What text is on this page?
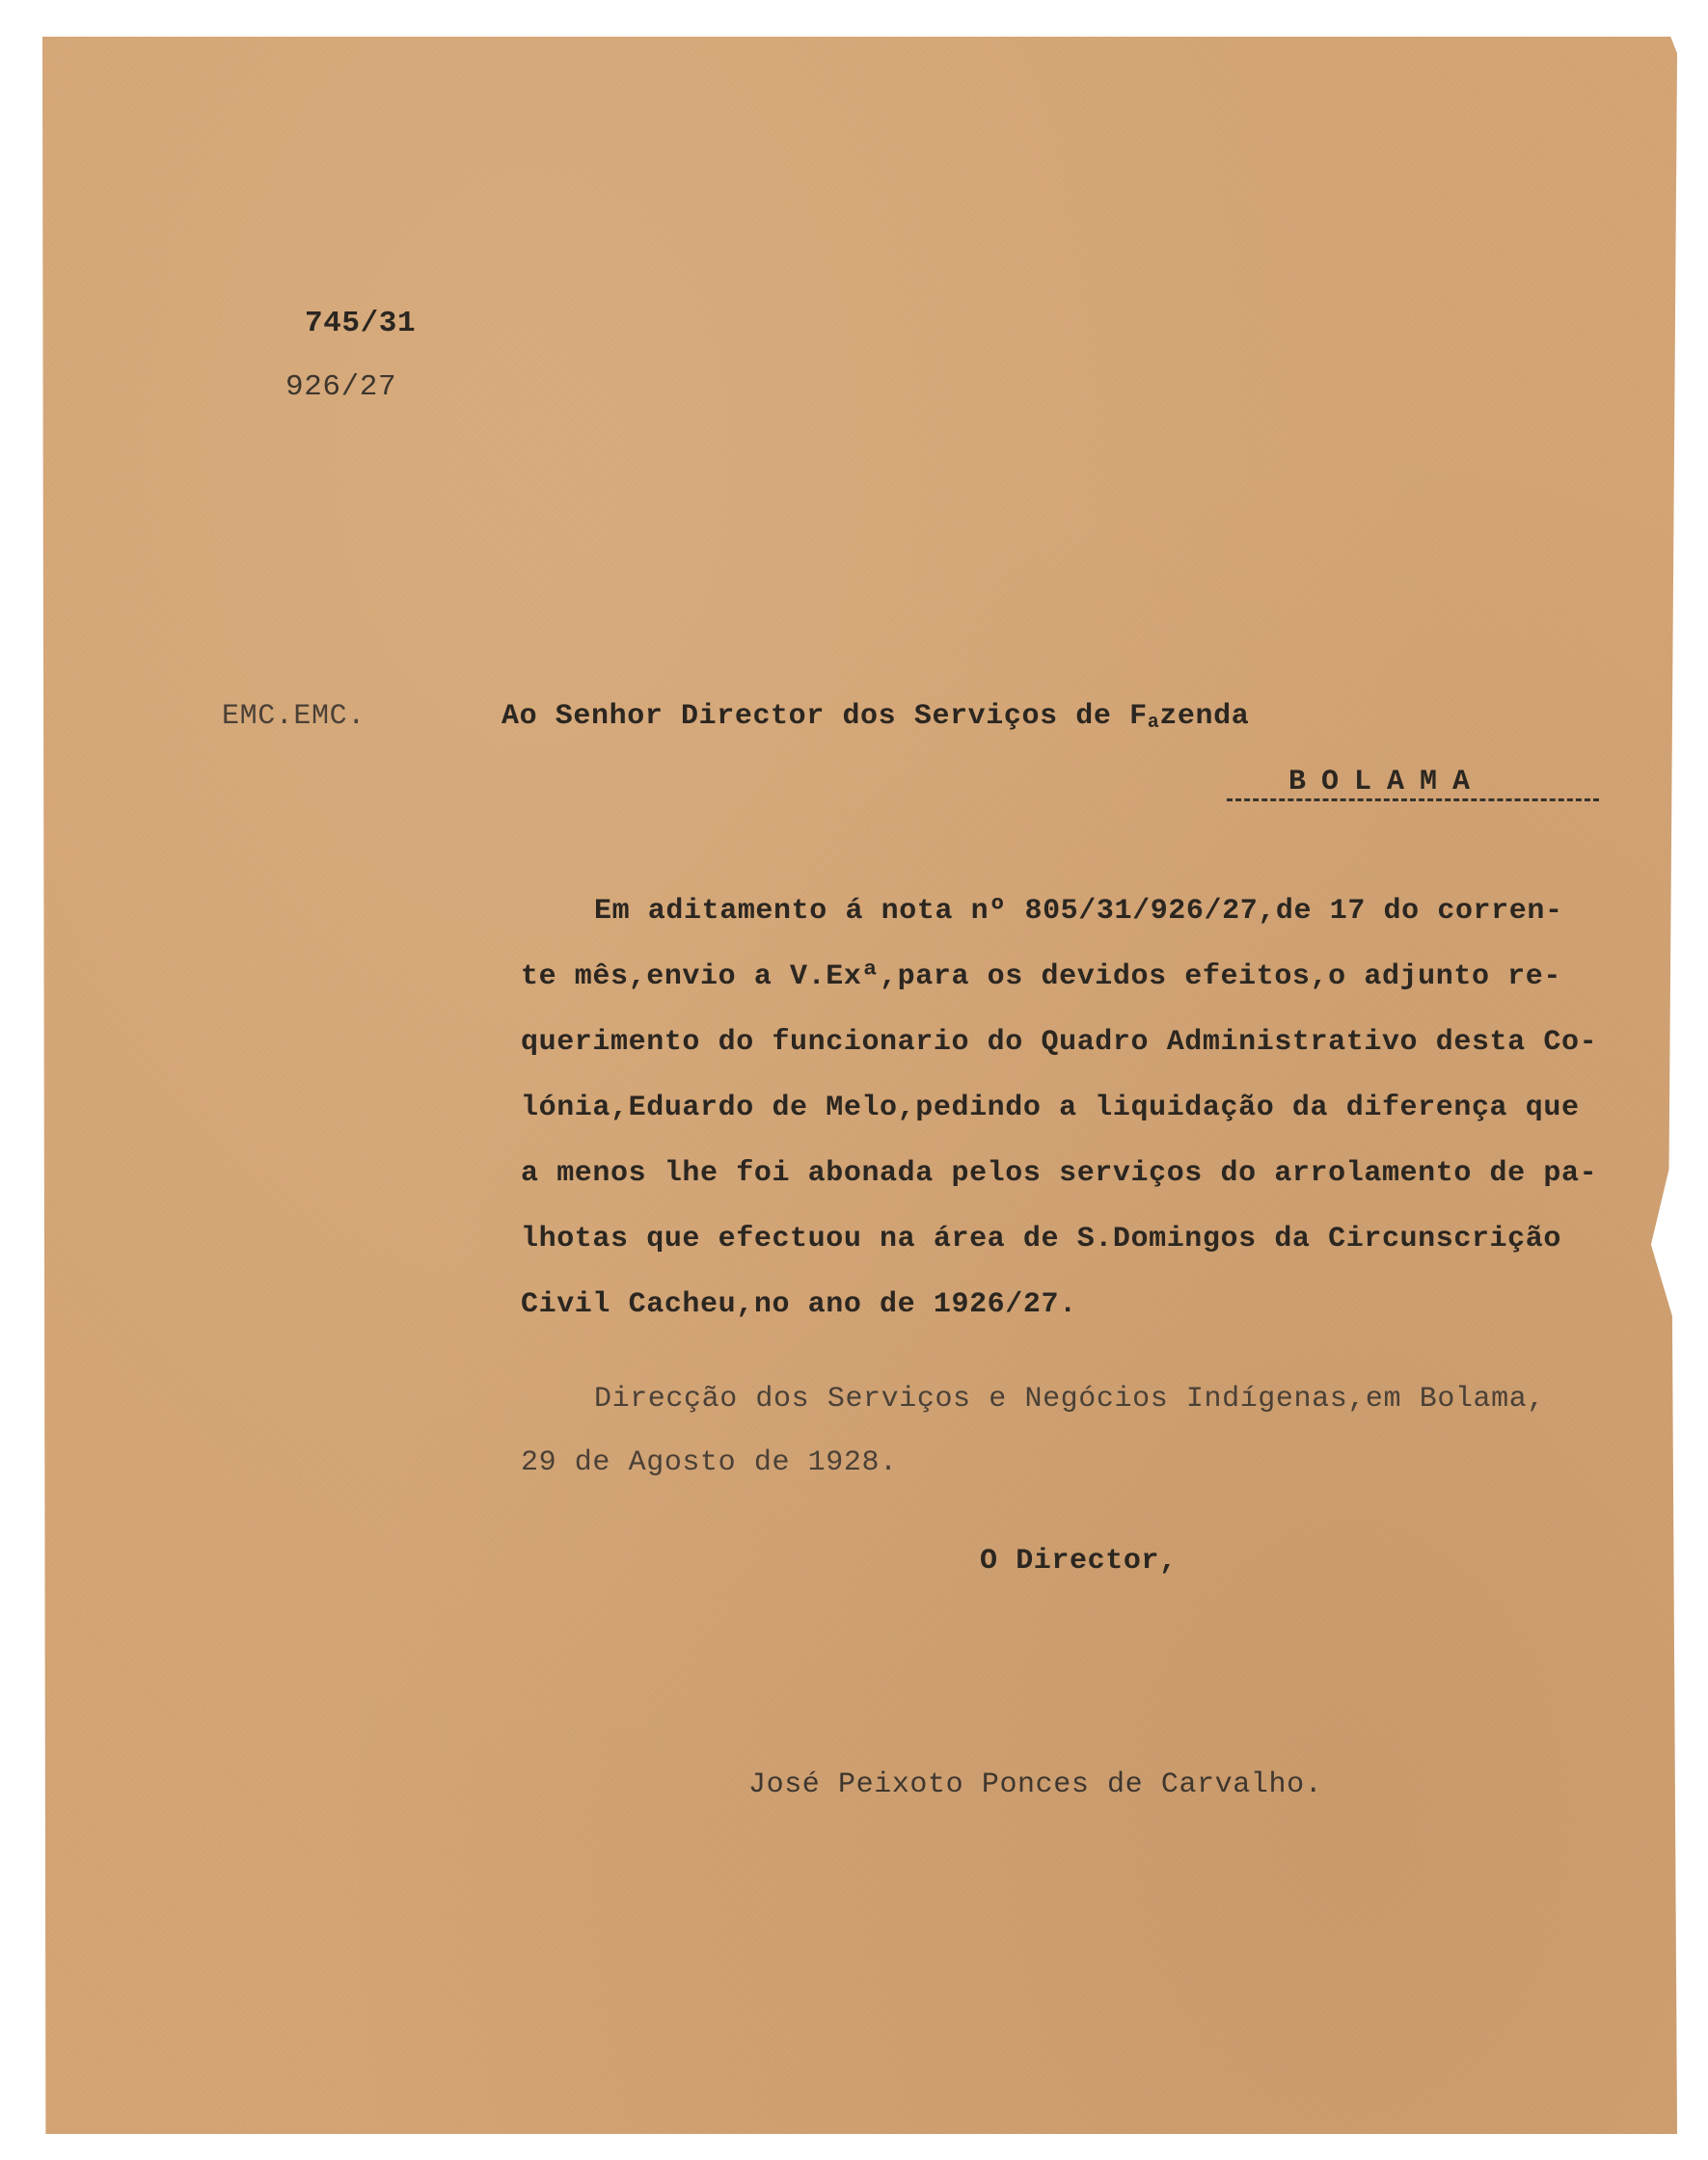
745/31
926/27
EMC.EMC.	Ao Senhor Director dos Serviços de $F_azenda$
BOLAMA
Em aditamento á nota nº 805/31/926/27,de 17 do corren-
te mês,envio a V.Exª,para os devidos efeitos,o adjunto re-
querimento do funcionario do Quadro Administrativo desta Co-
lónia,Eduardo de Melo,pedindo a liquidação da diferença que
a menos lhe foi abonada pelos serviços do arrolamento de pa-
lhotas que efectuou na área de S.Domingos da Circunscrição
Civil Cacheu,no ano de 1926/27.
Direcção dos Serviços e Negócios Indígenas,em Bolama,
29 de Agosto de 1928.
O Director,
José Peixoto Ponces de Carvalho.
